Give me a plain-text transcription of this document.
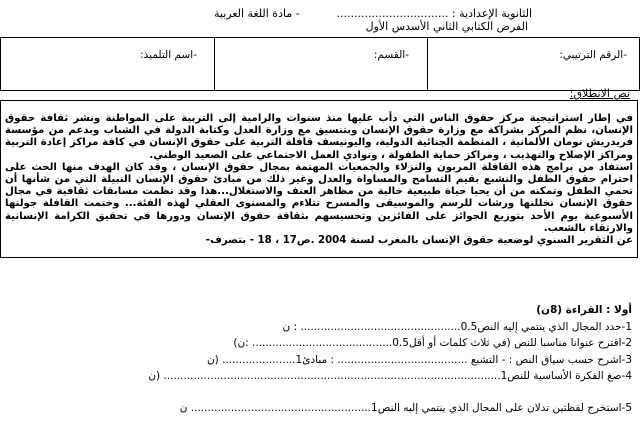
الثانوية الإعدادية : ................................
- مادة اللغة العربية
الفرض الكتابي الثاني الأسدس الأول
-الرقم الترتيبي:
-القسم:
-اسم التلميذ:
نص الانطلاق:

في إطار استراتيجية مركز حقوق الناس التي دأب عليها منذ سنوات والرامية إلى التربية على المواطنة ونشر ثقافة حقوق الإنسان، نظم المركز بشراكة مع وزارة حقوق الإنسان وبتنسيق مع وزارة العدل وكتابة الدولة في الشباب وبدعم من مؤسسة فريدريش نومان الألمانية ، المنظمة الجنائية الدولية، واليونيسف قافلة التربية على حقوق الإنسان في كافة مراكز إعادة التربية ومراكز الإصلاح والتهذيب ، ومراكز حماية الطفولة ، ونوادي العمل الاجتماعي على الصعيد الوطني.

استفاد من برامج هذه القافلة المربون والنزلاء والجمعيات المهتمة بمجال حقوق الإنسان ، وقد كان الهدف منها الحث على احترام حقوق الطفل والتشبع بقيم التسامح والمساواة والعدل وغير ذلك من مبادئ حقوق الإنسان النبيلة التي من شأنها أن تحمي الطفل وتمكنه من أن يحيا حياة طبيعية خالية من مظاهر العنف والاستغلال...هذا وقد نظمت مسابقات ثقافية في مجال حقوق الإنسان تخللتها ورشات للرسم والموسيقى والمسرح تتلاءم والمستوى العقلي لهذه الفئة... وختمت القافلة جولتها الأسبوعية يوم الأحد بتوزيع الجوائز على الفائزين وتحسيسهم بثقافة حقوق الإنسان ودورها في تحقيق الكرامة الإنسانية والارتقاء بالشعب.

عن التقرير السنوي لوضعية حقوق الإنسان بالمغرب لسنة 2004 .ص17 ، 18 - بتصرف-

أولا : القراءة (8ن)
1-حدد المجال الذي ينتمي إليه النص0.5................................................ : ن
2-اقترح عنوانا مناسبا للنص (في ثلاث كلمات أو أقل0.5.......................................... :ن)
3-اشرح حسب سياق النص : - التشبع ....................................... : مبادئ1...................... (ن
4-صغ الفكرة الأساسية للنص1..................................................................................................... (ن
5-استخرج لفظتين تدلان على المجال الذي ينتمي إليه النص1...................................................... ن
